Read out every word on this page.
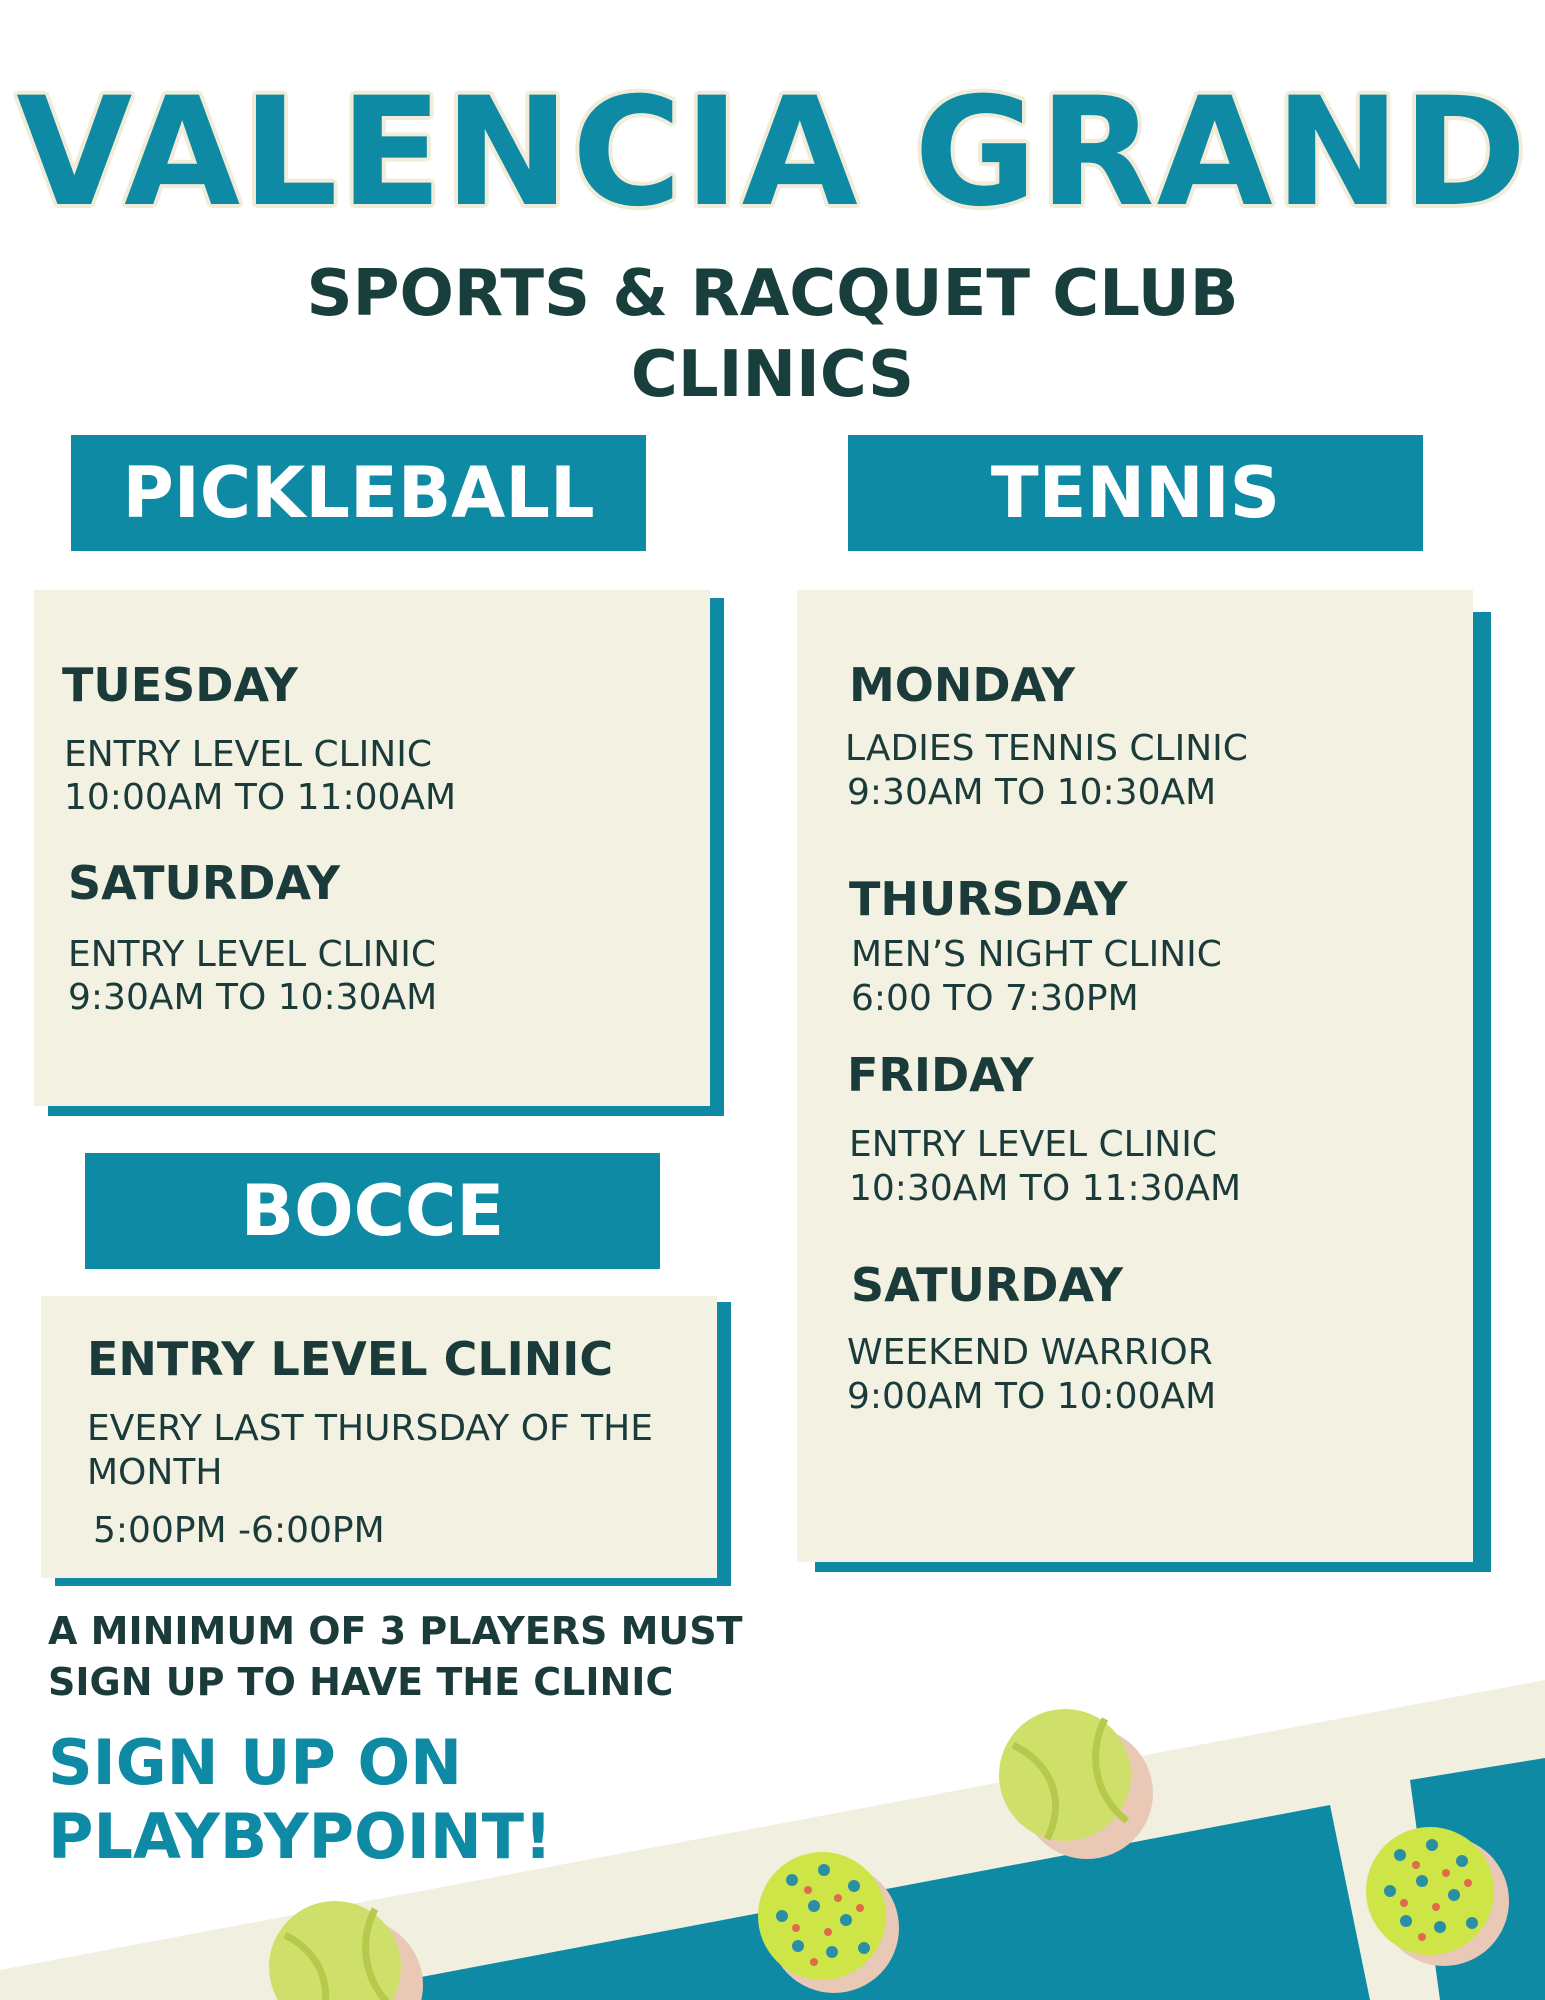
VALENCIA GRAND
SPORTS & RACQUET CLUB
CLINICS
PICKLEBALL
TUESDAY
ENTRY LEVEL CLINIC
10:00AM TO 11:00AM
SATURDAY
ENTRY LEVEL CLINIC
9:30AM TO 10:30AM
TENNIS
MONDAY
LADIES TENNIS CLINIC
9:30AM TO 10:30AM
THURSDAY
MEN’S NIGHT CLINIC
6:00 TO 7:30PM
FRIDAY
ENTRY LEVEL CLINIC
10:30AM TO 11:30AM
SATURDAY
WEEKEND WARRIOR
9:00AM TO 10:00AM
BOCCE
ENTRY LEVEL CLINIC
EVERY LAST THURSDAY OF THE
MONTH
5:00PM -6:00PM
A MINIMUM OF 3 PLAYERS MUST
SIGN UP TO HAVE THE CLINIC
SIGN UP ON
PLAYBYPOINT!
